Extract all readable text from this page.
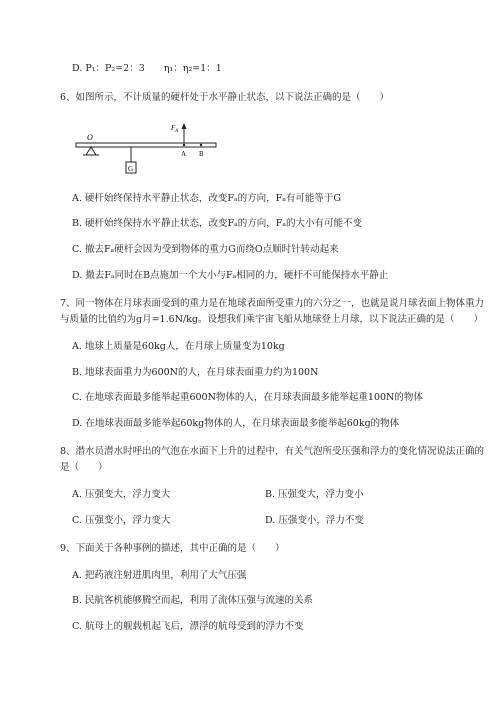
D. P₁：P₂=2：3　　η₁：η₂=1：1
6、如图所示，不计质量的硬杆处于水平静止状态，以下说法正确的是（　　）
O
$F_A$
A B
G
A. 硬杆始终保持水平静止状态，改变Fₐ的方向，Fₐ有可能等于G
B. 硬杆始终保持水平静止状态，改变Fₐ的方向，Fₐ的大小有可能不变
C. 撤去Fₐ硬杆会因为受到物体的重力G而绕O点顺时针转动起来
D. 撤去Fₐ同时在B点施加一个大小与Fₐ相同的力，硬杆不可能保持水平静止
7、同一物体在月球表面受到的重力是在地球表面所受重力的六分之一，也就是说月球表面上物体重力
与质量的比值约为g月=1.6N/kg。设想我们乘宇宙飞船从地球登上月球，以下说法正确的是（　　）
A. 地球上质量是60kg人，在月球上质量变为10kg
B. 地球表面重力为600N的人，在月球表面重力约为100N
C. 在地球表面最多能举起重600N物体的人，在月球表面最多能举起重100N的物体
D. 在地球表面最多能举起60kg物体的人，在月球表面最多能举起60kg的物体
8、潜水员潜水时呼出的气泡在水面下上升的过程中，有关气泡所受压强和浮力的变化情况说法正确的
是（　　）
A. 压强变大，浮力变大	B. 压强变大，浮力变小
C. 压强变小，浮力变大	D. 压强变小，浮力不变
9、下面关于各种事例的描述，其中正确的是（　　）
A. 把药液注射进肌肉里，利用了大气压强
B. 民航客机能够腾空而起，利用了流体压强与流速的关系
C. 航母上的舰载机起飞后，漂浮的航母受到的浮力不变
